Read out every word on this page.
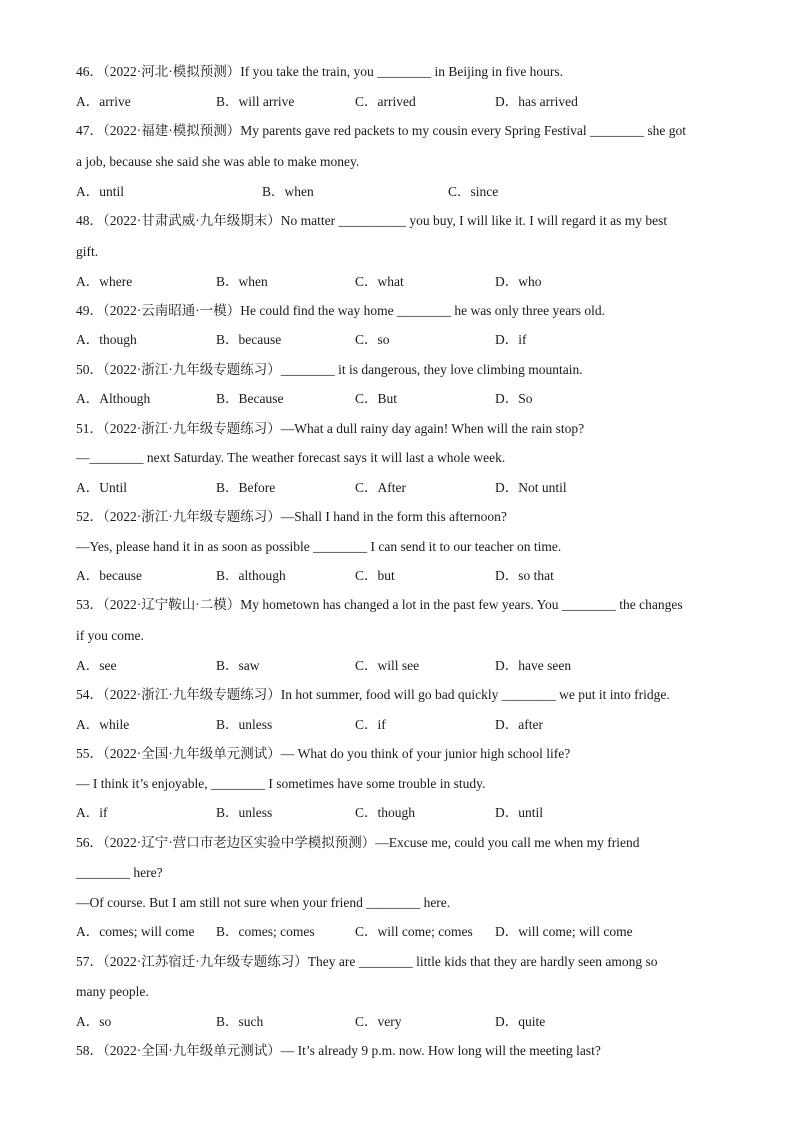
46．（2022·河北·模拟预测）If you take the train, you ________ in Beijing in five hours.
A．arrive	B．will arrive	C．arrived	D．has arrived
47．（2022·福建·模拟预测）My parents gave red packets to my cousin every Spring Festival ________ she got
a job, because she said she was able to make money.
A．until	B．when	C．since
48．（2022·甘肃武威·九年级期末）No matter __________ you buy, I will like it. I will regard it as my best
gift.
A．where	B．when	C．what	D．who
49．（2022·云南昭通·一模）He could find the way home ________ he was only three years old.
A．though	B．because	C．so	D．if
50．（2022·浙江·九年级专题练习）________ it is dangerous, they love climbing mountain.
A．Although	B．Because	C．But	D．So
51．（2022·浙江·九年级专题练习）—What a dull rainy day again! When will the rain stop?
—________ next Saturday. The weather forecast says it will last a whole week.
A．Until	B．Before	C．After	D．Not until
52．（2022·浙江·九年级专题练习）—Shall I hand in the form this afternoon?
—Yes, please hand it in as soon as possible ________ I can send it to our teacher on time.
A．because	B．although	C．but	D．so that
53．（2022·辽宁鞍山·二模）My hometown has changed a lot in the past few years. You ________ the changes
if you come.
A．see	B．saw	C．will see	D．have seen
54．（2022·浙江·九年级专题练习）In hot summer, food will go bad quickly ________ we put it into fridge.
A．while	B．unless	C．if	D．after
55．（2022·全国·九年级单元测试）— What do you think of your junior high school life?
— I think it’s enjoyable, ________ I sometimes have some trouble in study.
A．if	B．unless	C．though	D．until
56．（2022·辽宁·营口市老边区实验中学模拟预测）—Excuse me, could you call me when my friend
________ here?
—Of course. But I am still not sure when your friend ________ here.
A．comes; will come B．comes; comes	C．will come; comes D．will come; will come
57．（2022·江苏宿迁·九年级专题练习）They are ________ little kids that they are hardly seen among so
many people.
A．so	B．such	C．very	D．quite
58．（2022·全国·九年级单元测试）— It’s already 9 p.m. now. How long will the meeting last?
